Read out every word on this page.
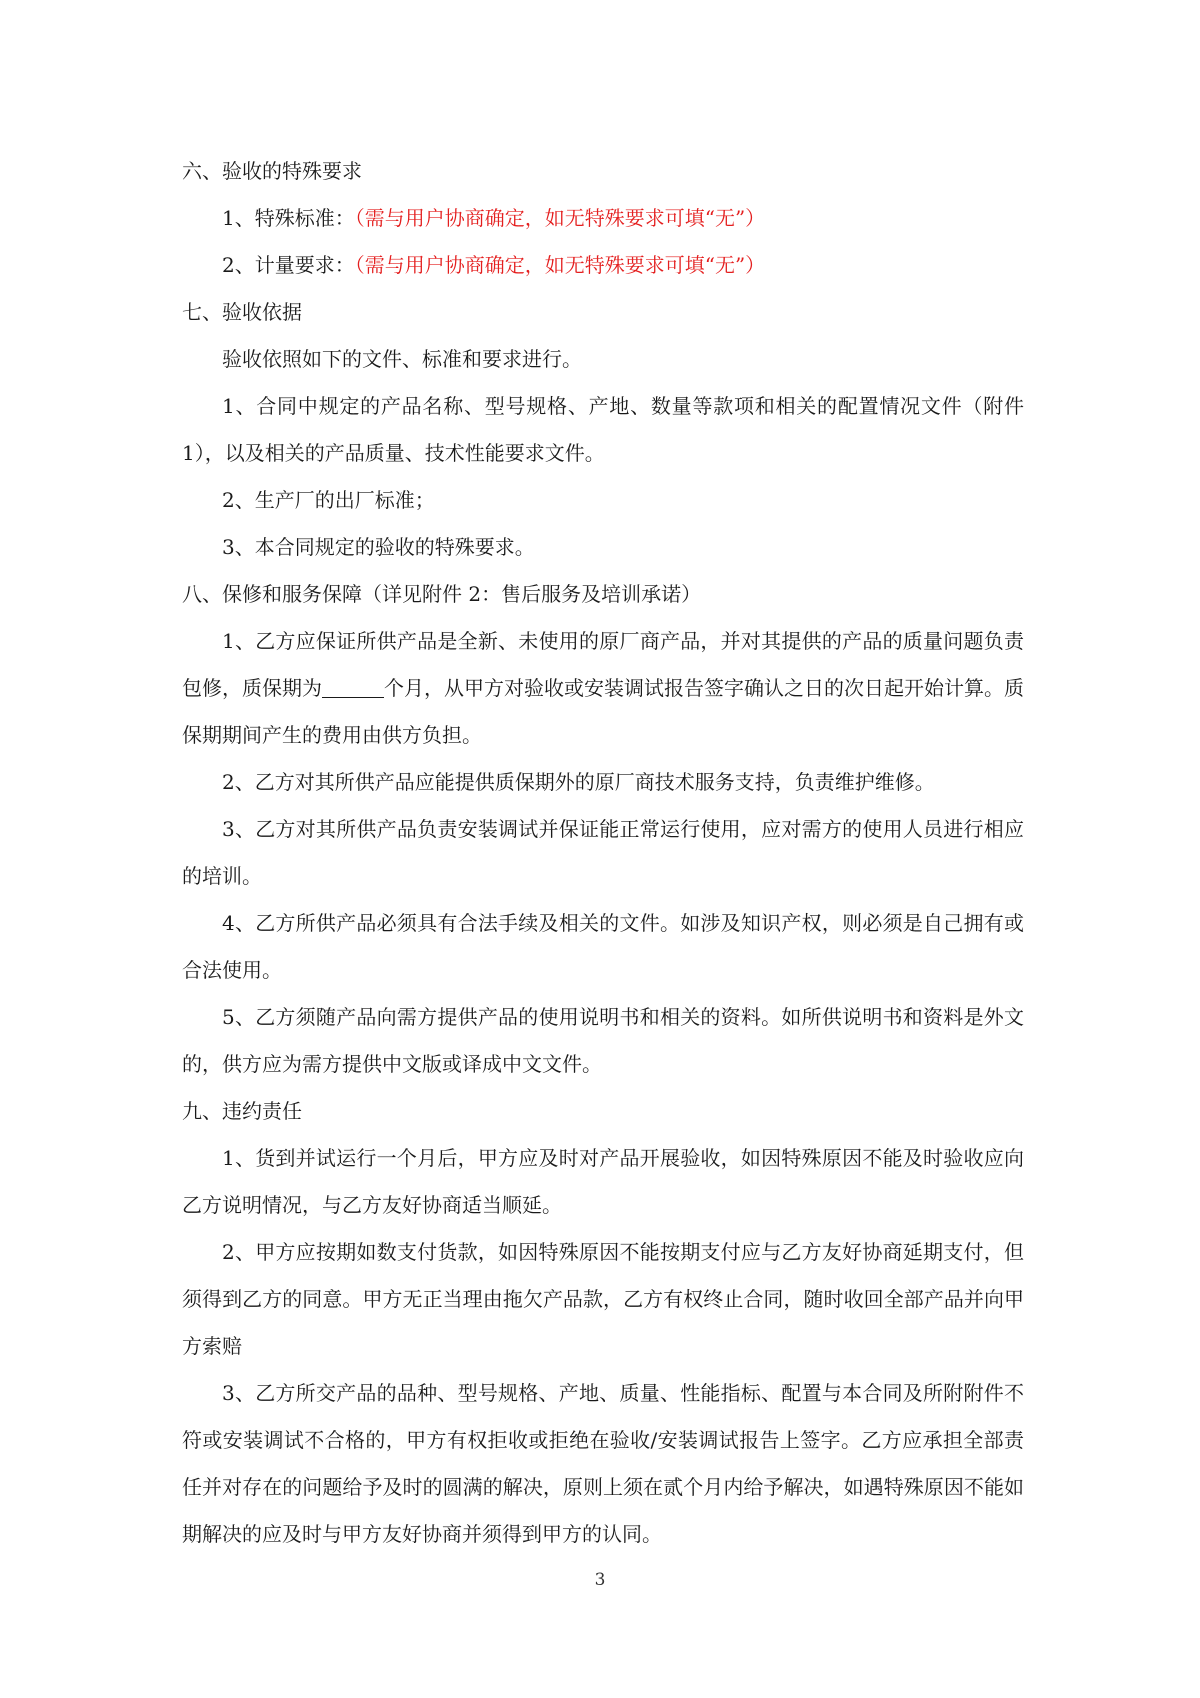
六、验收的特殊要求

1、特殊标准：（需与用户协商确定，如无特殊要求可填“无”）

2、计量要求：（需与用户协商确定，如无特殊要求可填“无”）

七、验收依据

验收依照如下的文件、标准和要求进行。

1、合同中规定的产品名称、型号规格、产地、数量等款项和相关的配置情况文件（附件 1），以及相关的产品质量、技术性能要求文件。

2、生产厂的出厂标准；

3、本合同规定的验收的特殊要求。

八、保修和服务保障（详见附件 2：售后服务及培训承诺）

1、乙方应保证所供产品是全新、未使用的原厂商产品，并对其提供的产品的质量问题负责包修，质保期为	个月，从甲方对验收或安装调试报告签字确认之日的次日起开始计算。质保期期间产生的费用由供方负担。

2、乙方对其所供产品应能提供质保期外的原厂商技术服务支持，负责维护维修。

3、乙方对其所供产品负责安装调试并保证能正常运行使用，应对需方的使用人员进行相应的培训。

4、乙方所供产品必须具有合法手续及相关的文件。如涉及知识产权，则必须是自己拥有或合法使用。

5、乙方须随产品向需方提供产品的使用说明书和相关的资料。如所供说明书和资料是外文的，供方应为需方提供中文版或译成中文文件。

九、违约责任

1、货到并试运行一个月后，甲方应及时对产品开展验收，如因特殊原因不能及时验收应向乙方说明情况，与乙方友好协商适当顺延。

2、甲方应按期如数支付货款，如因特殊原因不能按期支付应与乙方友好协商延期支付，但须得到乙方的同意。甲方无正当理由拖欠产品款，乙方有权终止合同，随时收回全部产品并向甲方索赔

3、乙方所交产品的品种、型号规格、产地、质量、性能指标、配置与本合同及所附附件不符或安装调试不合格的，甲方有权拒收或拒绝在验收/安装调试报告上签字。乙方应承担全部责任并对存在的问题给予及时的圆满的解决，原则上须在贰个月内给予解决，如遇特殊原因不能如期解决的应及时与甲方友好协商并须得到甲方的认同。

3
